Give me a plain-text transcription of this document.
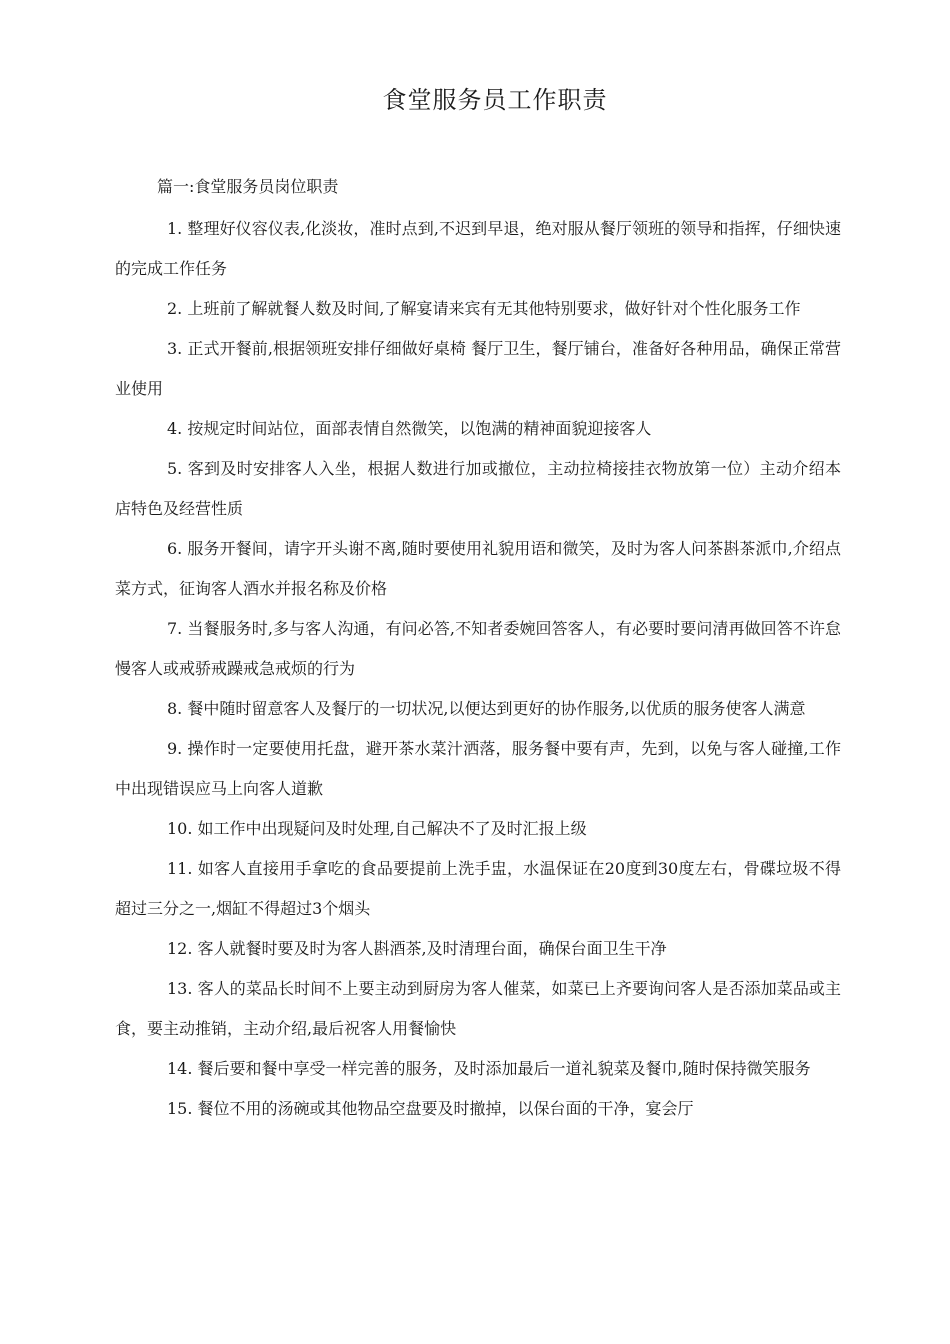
食堂服务员工作职责

篇一:食堂服务员岗位职责

1. 整理好仪容仪表,化淡妆，准时点到,不迟到早退，绝对服从餐厅领班的领导和指挥，仔细快速的完成工作任务
2. 上班前了解就餐人数及时间,了解宴请来宾有无其他特别要求，做好针对个性化服务工作
3. 正式开餐前,根据领班安排仔细做好桌椅 餐厅卫生，餐厅铺台，准备好各种用品，确保正常营业使用
4. 按规定时间站位，面部表情自然微笑，以饱满的精神面貌迎接客人
5. 客到及时安排客人入坐，根据人数进行加或撤位，主动拉椅接挂衣物放第一位）主动介绍本店特色及经营性质
6. 服务开餐间，请字开头谢不离,随时要使用礼貌用语和微笑，及时为客人问茶斟茶派巾,介绍点菜方式，征询客人酒水并报名称及价格
7. 当餐服务时,多与客人沟通，有问必答,不知者委婉回答客人，有必要时要问清再做回答不许怠慢客人或戒骄戒躁戒急戒烦的行为
8. 餐中随时留意客人及餐厅的一切状况,以便达到更好的协作服务,以优质的服务使客人满意
9. 操作时一定要使用托盘，避开茶水菜汁洒落，服务餐中要有声，先到，以免与客人碰撞,工作中出现错误应马上向客人道歉
10. 如工作中出现疑问及时处理,自己解决不了及时汇报上级
11. 如客人直接用手拿吃的食品要提前上洗手盅，水温保证在20度到30度左右，骨碟垃圾不得超过三分之一,烟缸不得超过3个烟头
12. 客人就餐时要及时为客人斟酒茶,及时清理台面，确保台面卫生干净
13. 客人的菜品长时间不上要主动到厨房为客人催菜，如菜已上齐要询问客人是否添加菜品或主食，要主动推销，主动介绍,最后祝客人用餐愉快
14. 餐后要和餐中享受一样完善的服务，及时添加最后一道礼貌菜及餐巾,随时保持微笑服务
15. 餐位不用的汤碗或其他物品空盘要及时撤掉，以保台面的干净，宴会厅
